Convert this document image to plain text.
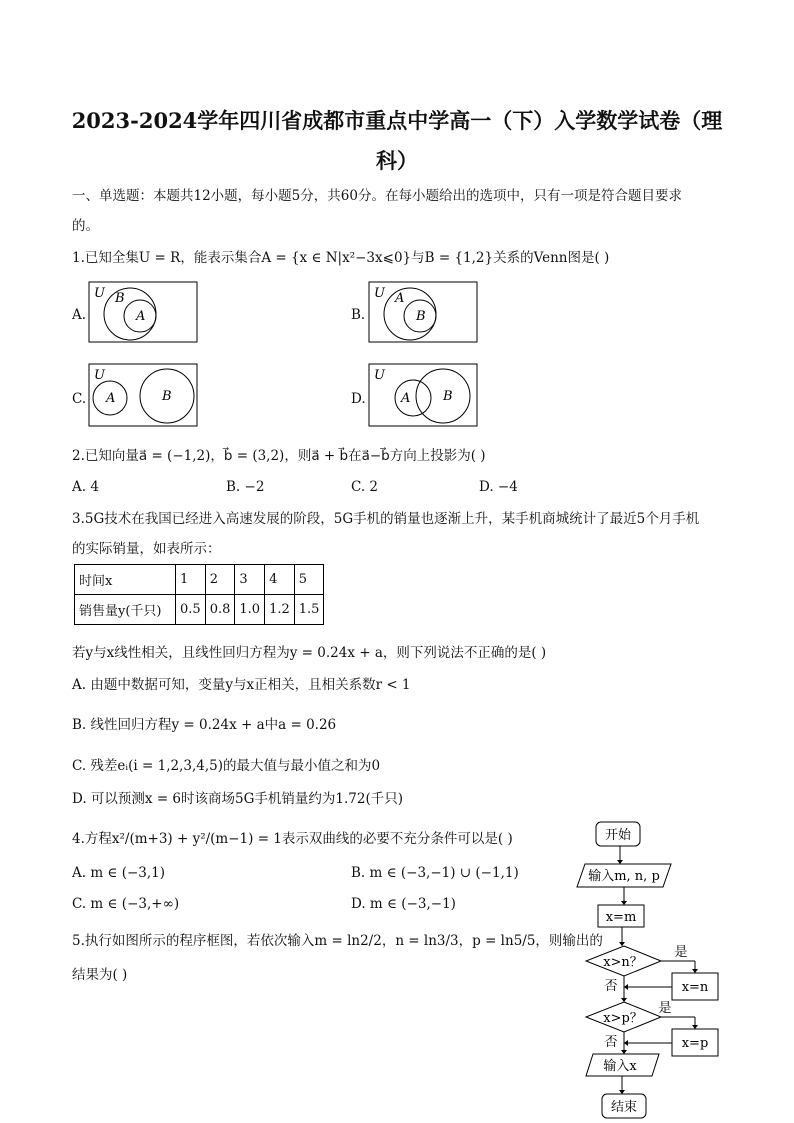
2023-2024学年四川省成都市重点中学高一（下）入学数学试卷（理
科）
一、单选题：本题共12小题，每小题5分，共60分。在每小题给出的选项中，只有一项是符合题目要求
的。
1.已知全集U = R，能表示集合A = {x ∈ N|x²−3x⩽0}与B = {1,2}关系的Venn图是( )
A.	B.
C.	D.
U B
A
U A
B
U
A	B
U
A	B
开始
输入m, n, p
x=m
x>n？
是
否	x=n
x>p？
是
否	x=p
输入x
结束
2.已知向量a⃗ = (−1,2)，b⃗ = (3,2)，则a⃗ + b⃗在a⃗−b⃗方向上投影为( )
A. 4	B. −2	C. 2	D. −4
3.5G技术在我国已经进入高速发展的阶段，5G手机的销量也逐渐上升，某手机商城统计了最近5个月手机
的实际销量，如表所示：
时间x	1	2	3	4	5
销售量y(千只)	0.5	0.8	1.0	1.2	1.5
若y与x线性相关，且线性回归方程为y = 0.24x + a，则下列说法不正确的是( )
A. 由题中数据可知，变量y与x正相关，且相关系数r < 1
B. 线性回归方程y = 0.24x + a中a = 0.26
C. 残差eᵢ(i = 1,2,3,4,5)的最大值与最小值之和为0
D. 可以预测x = 6时该商场5G手机销量约为1.72(千只)
4.方程x²/(m+3) + y²/(m−1) = 1表示双曲线的必要不充分条件可以是( )
A. m ∈ (−3,1)	B. m ∈ (−3,−1) ∪ (−1,1)
C. m ∈ (−3,+∞)	D. m ∈ (−3,−1)
5.执行如图所示的程序框图，若依次输入m = ln2/2，n = ln3/3，p = ln5/5，则输出的
结果为( )
